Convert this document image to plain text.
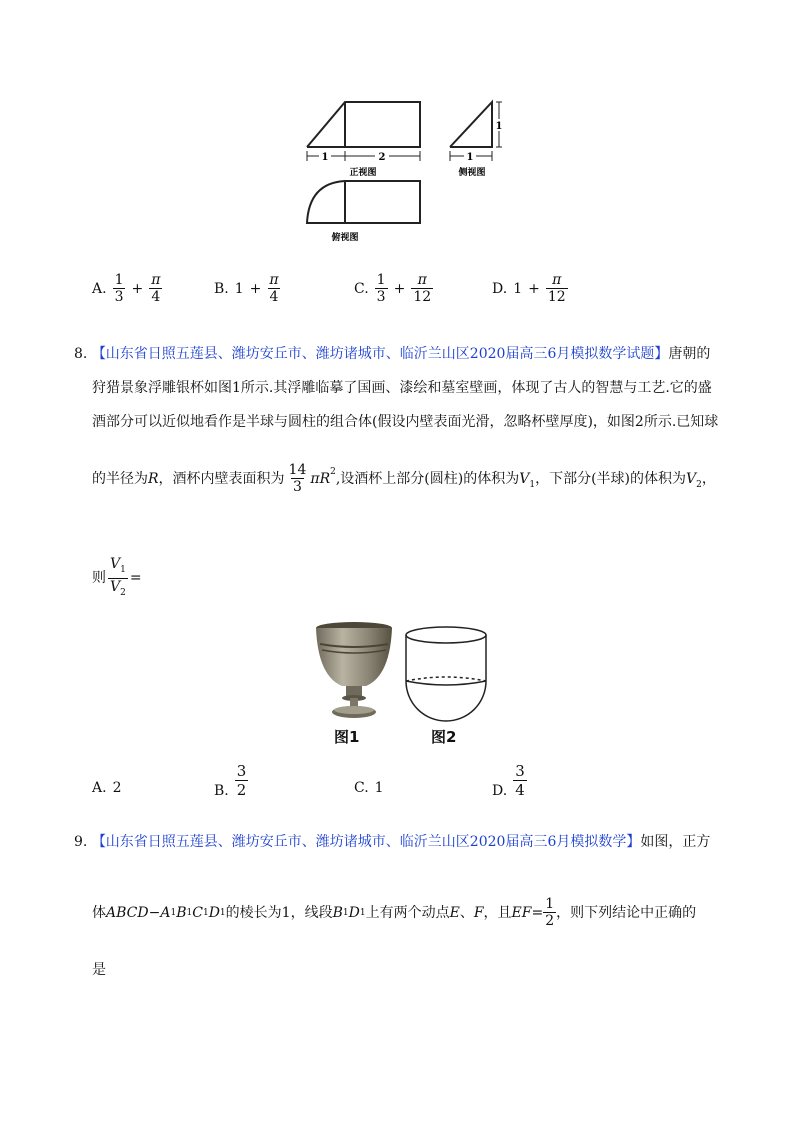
1	2
正视图
俯视图
1
1
侧视图
A. $\frac{1}{3} + \frac{\pi}{4}$	B. $1 + \frac{\pi}{4}$	C. $\frac{1}{3} + \frac{\pi}{12}$	D. $1 + \frac{\pi}{12}$
8. 【山东省日照五莲县、潍坊安丘市、潍坊诸城市、临沂兰山区2020届高三6月模拟数学试题】唐朝的
狩猎景象浮雕银杯如图1所示.其浮雕临摹了国画、漆绘和墓室壁画，体现了古人的智慧与工艺.它的盛
酒部分可以近似地看作是半球与圆柱的组合体(假设内壁表面光滑，忽略杯壁厚度)，如图2所示.已知球
的半径为 R ，酒杯内壁表面积为 $\frac{14}{3} \pi R^2$ ,设酒杯上部分(圆柱)的体积为 $V_1$ ，下部分(半球)的体积为 $V_2$ ，
则 $\frac{V_1}{V_2}$ =
图1	图2
A. 2	B. $\frac{3}{2}$	C. 1	D. $\frac{3}{4}$
9. 【山东省日照五莲县、潍坊安丘市、潍坊诸城市、临沂兰山区2020届高三6月模拟数学】如图，正方
体 ABCD − A 1 B 1 C 1 D 1 的棱长为1，线段 B 1 D 1 上有两个动点 E 、 F ，且 EF = $\frac{1}{2}$ ，则下列结论中正确的
是
